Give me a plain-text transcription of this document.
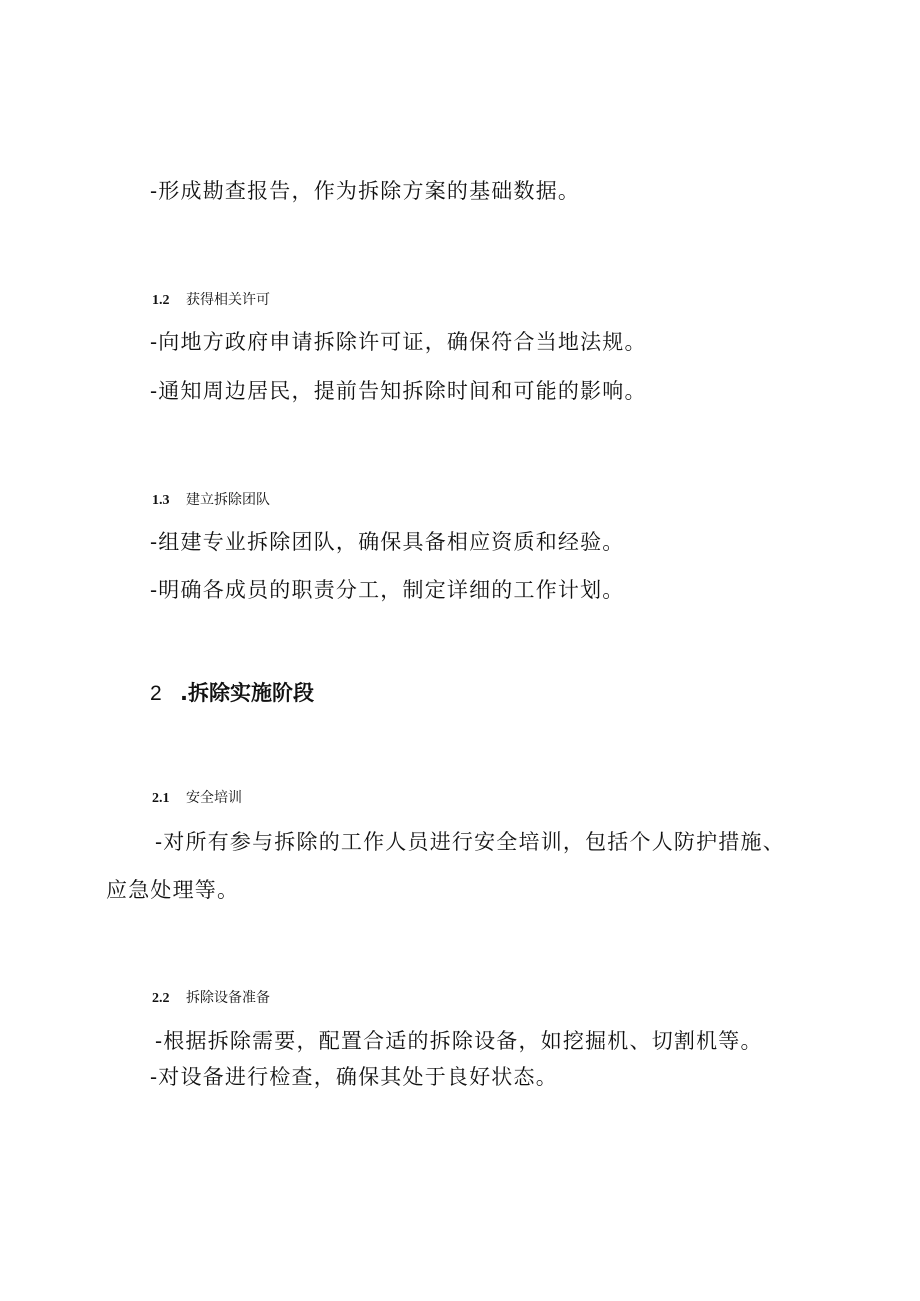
-形成勘查报告，作为拆除方案的基础数据。
1.2 获得相关许可
-向地方政府申请拆除许可证，确保符合当地法规。
-通知周边居民，提前告知拆除时间和可能的影响。
1.3 建立拆除团队
-组建专业拆除团队，确保具备相应资质和经验。
-明确各成员的职责分工，制定详细的工作计划。
2 .拆除实施阶段
2.1 安全培训
-对所有参与拆除的工作人员进行安全培训，包括个人防护措施、
应急处理等。
2.2 拆除设备准备
-根据拆除需要，配置合适的拆除设备，如挖掘机、切割机等。
-对设备进行检查，确保其处于良好状态。
